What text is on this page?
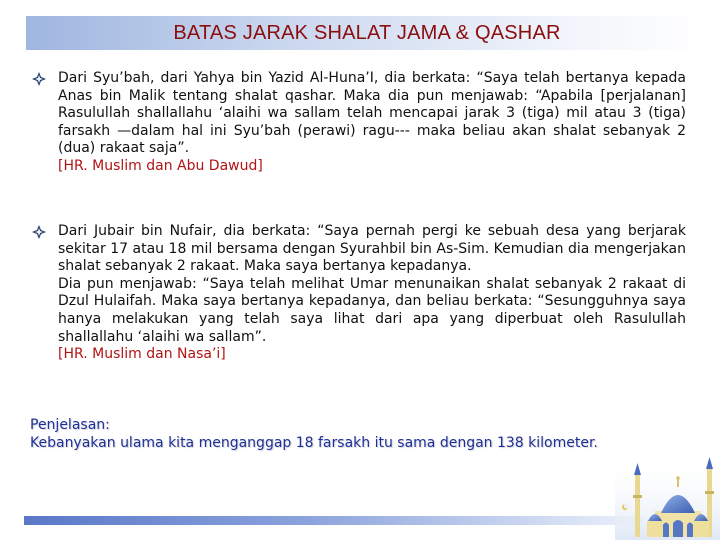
BATAS JARAK SHALAT JAMA & QASHAR

Dari Syu’bah, dari Yahya bin Yazid Al-Huna’I, dia berkata: “Saya telah bertanya kepada Anas bin Malik tentang shalat qashar. Maka dia pun menjawab: “Apabila [perjalanan] Rasulullah shallallahu ‘alaihi wa sallam telah mencapai jarak 3 (tiga) mil atau 3 (tiga) farsakh —dalam hal ini Syu’bah (perawi) ragu--- maka beliau akan shalat sebanyak 2 (dua) rakaat saja”.

[HR. Muslim dan Abu Dawud]

Dari Jubair bin Nufair, dia berkata: “Saya pernah pergi ke sebuah desa yang berjarak sekitar 17 atau 18 mil bersama dengan Syurahbil bin As-Sim. Kemudian dia mengerjakan shalat sebanyak 2 rakaat. Maka saya bertanya kepadanya.

Dia pun menjawab: “Saya telah melihat Umar menunaikan shalat sebanyak 2 rakaat di Dzul Hulaifah. Maka saya bertanya kepadanya, dan beliau berkata: “Sesungguhnya saya hanya melakukan yang telah saya lihat dari apa yang diperbuat oleh Rasulullah shallallahu ‘alaihi wa sallam”.

[HR. Muslim dan Nasa’i]

Penjelasan:

Kebanyakan ulama kita menganggap 18 farsakh itu sama dengan 138 kilometer.
